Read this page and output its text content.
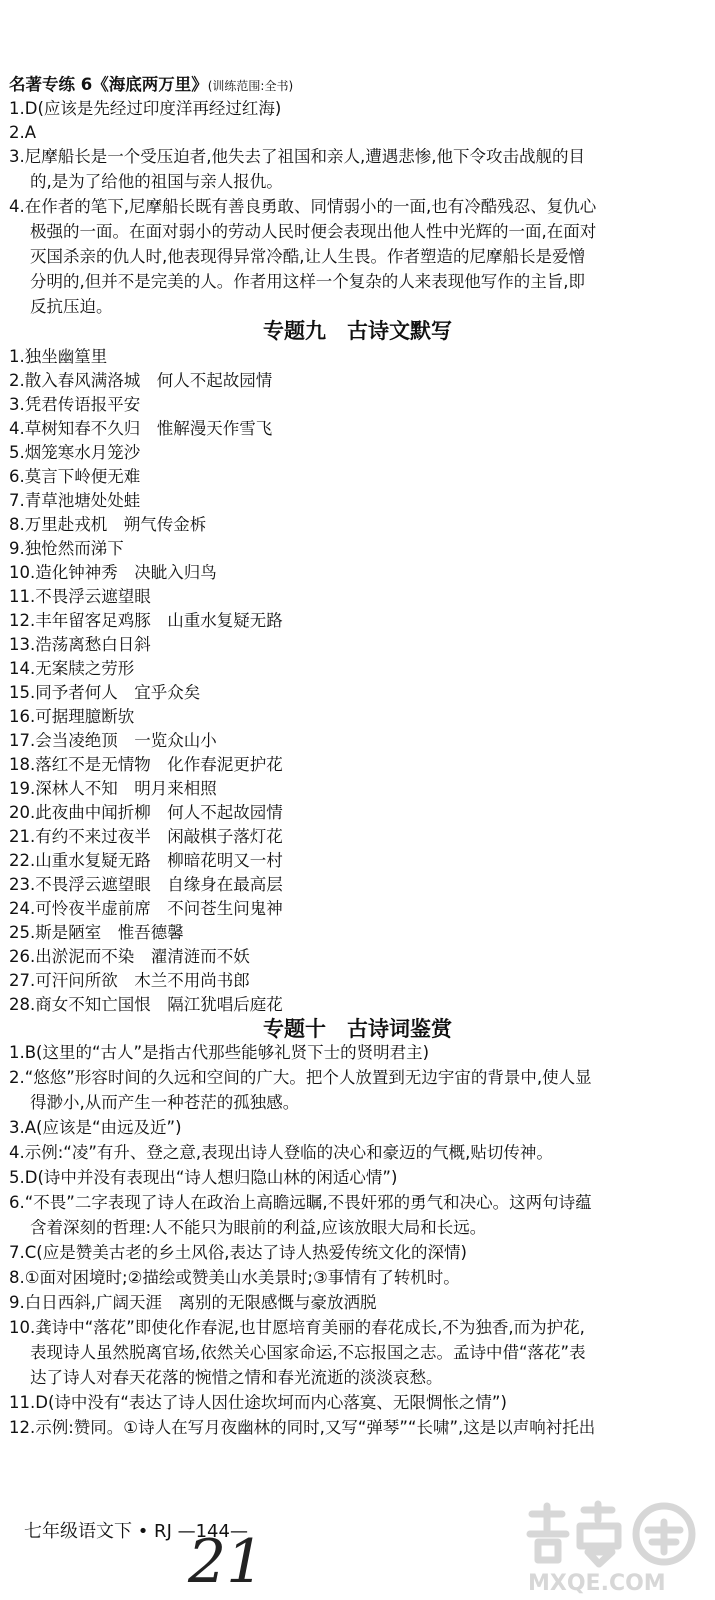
名著专练 6《海底两万里》(训练范围:全书)
1.D(应该是先经过印度洋再经过红海)
2.A
3.尼摩船长是一个受压迫者,他失去了祖国和亲人,遭遇悲惨,他下令攻击战舰的目
的,是为了给他的祖国与亲人报仇。
4.在作者的笔下,尼摩船长既有善良勇敢、同情弱小的一面,也有冷酷残忍、复仇心
极强的一面。在面对弱小的劳动人民时便会表现出他人性中光辉的一面,在面对
灭国杀亲的仇人时,他表现得异常冷酷,让人生畏。作者塑造的尼摩船长是爱憎
分明的,但并不是完美的人。作者用这样一个复杂的人来表现他写作的主旨,即
反抗压迫。
专题九　古诗文默写
1.独坐幽篁里
2.散入春风满洛城　何人不起故园情
3.凭君传语报平安
4.草树知春不久归　惟解漫天作雪飞
5.烟笼寒水月笼沙
6.莫言下岭便无难
7.青草池塘处处蛙
8.万里赴戎机　朔气传金柝
9.独怆然而涕下
10.造化钟神秀　决眦入归鸟
11.不畏浮云遮望眼
12.丰年留客足鸡豚　山重水复疑无路
13.浩荡离愁白日斜
14.无案牍之劳形
15.同予者何人　宜乎众矣
16.可据理臆断欤
17.会当凌绝顶　一览众山小
18.落红不是无情物　化作春泥更护花
19.深林人不知　明月来相照
20.此夜曲中闻折柳　何人不起故园情
21.有约不来过夜半　闲敲棋子落灯花
22.山重水复疑无路　柳暗花明又一村
23.不畏浮云遮望眼　自缘身在最高层
24.可怜夜半虚前席　不问苍生问鬼神
25.斯是陋室　惟吾德馨
26.出淤泥而不染　濯清涟而不妖
27.可汗问所欲　木兰不用尚书郎
28.商女不知亡国恨　隔江犹唱后庭花
专题十　古诗词鉴赏
1.B(这里的“古人”是指古代那些能够礼贤下士的贤明君主)
2.“悠悠”形容时间的久远和空间的广大。把个人放置到无边宇宙的背景中,使人显
得渺小,从而产生一种苍茫的孤独感。
3.A(应该是“由远及近”)
4.示例:“凌”有升、登之意,表现出诗人登临的决心和豪迈的气概,贴切传神。
5.D(诗中并没有表现出“诗人想归隐山林的闲适心情”)
6.“不畏”二字表现了诗人在政治上高瞻远瞩,不畏奸邪的勇气和决心。这两句诗蕴
含着深刻的哲理:人不能只为眼前的利益,应该放眼大局和长远。
7.C(应是赞美古老的乡土风俗,表达了诗人热爱传统文化的深情)
8.①面对困境时;②描绘或赞美山水美景时;③事情有了转机时。
9.白日西斜,广阔天涯　离别的无限感慨与豪放洒脱
10.龚诗中“落花”即使化作春泥,也甘愿培育美丽的春花成长,不为独香,而为护花,
表现诗人虽然脱离官场,依然关心国家命运,不忘报国之志。孟诗中借“落花”表
达了诗人对春天花落的惋惜之情和春光流逝的淡淡哀愁。
11.D(诗中没有“表达了诗人因仕途坎坷而内心落寞、无限惆怅之情”)
12.示例:赞同。①诗人在写月夜幽林的同时,又写“弹琴”“长啸”,这是以声响衬托出
七年级语文下 • RJ —144—
21	MXQE.COM
